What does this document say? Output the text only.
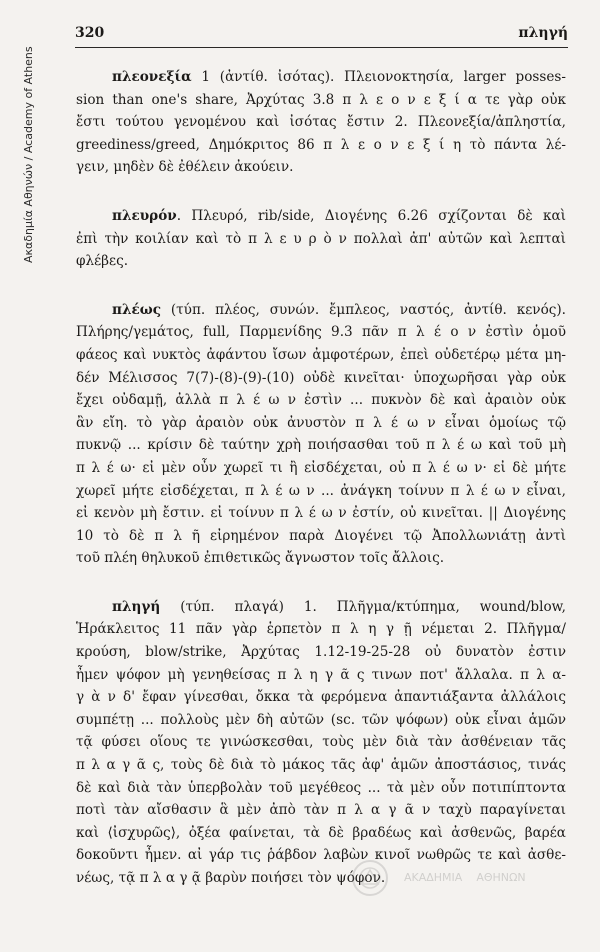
320	πληγή
Ακαδημία Αθηνών / Academy of Athens	πλεονεξία 1 (ἀντίθ. ἰσότας). Πλειονοκτησία, larger posses-
sion than one's share, Ἀρχύτας 3.8 π λ ε ο ν ε ξ ί α τε γὰρ οὐκ
ἔστι τούτου γενομένου καὶ ἰσότας ἔστιν 2. Πλεονεξία/ἀπληστία,
greediness/greed, Δημόκριτος 86 π λ ε ο ν ε ξ ί η τὸ πάντα λέ-
γειν, μηδὲν δὲ ἐθέλειν ἀκούειν.
πλευρόν. Πλευρό, rib/side, Διογένης 6.26 σχίζονται δὲ καὶ
ἐπὶ τὴν κοιλίαν καὶ τὸ π λ ε υ ρ ὸ ν πολλαὶ ἀπ' αὐτῶν καὶ λεπταὶ
φλέβες.
πλέως (τύπ. πλέος, συνών. ἔμπλεος, ναστός, ἀντίθ. κενός).
Πλήρης/γεμάτος, full, Παρμενίδης 9.3 πᾶν π λ έ ο ν ἐστὶν ὁμοῦ
φάεος καὶ νυκτὸς ἀφάντου ἴσων ἀμφοτέρων, ἐπεὶ οὐδετέρῳ μέτα μη-
δέν Μέλισσος 7(7)-(8)-(9)-(10) οὐδὲ κινεῖται· ὑποχωρῆσαι γὰρ οὐκ
ἔχει οὐδαμῇ, ἀλλὰ π λ έ ω ν ἐστὶν ... πυκνὸν δὲ καὶ ἀραιὸν οὐκ
ἂν εἴη. τὸ γὰρ ἀραιὸν οὐκ ἀνυστὸν π λ έ ω ν εἶναι ὁμοίως τῷ
πυκνῷ ... κρίσιν δὲ ταύτην χρὴ ποιήσασθαι τοῦ π λ έ ω καὶ τοῦ μὴ
π λ έ ω· εἰ μὲν οὖν χωρεῖ τι ἢ εἰσδέχεται, οὐ π λ έ ω ν· εἰ δὲ μήτε
χωρεῖ μήτε εἰσδέχεται, π λ έ ω ν ... ἀνάγκη τοίνυν π λ έ ω ν εἶναι,
εἰ κενὸν μὴ ἔστιν. εἰ τοίνυν π λ έ ω ν ἐστίν, οὐ κινεῖται. || Διογένης
10 τὸ δὲ π λ ῆ εἰρημένον παρὰ Διογένει τῷ Ἀπολλωνιάτῃ ἀντὶ
τοῦ πλέη θηλυκοῦ ἐπιθετικῶς ἄγνωστον τοῖς ἄλλοις.
πληγή (τύπ. πλαγά) 1. Πλῆγμα/κτύπημα, wound/blow,
Ἡράκλειτος 11 πᾶν γὰρ ἑρπετὸν π λ η γ ῇ νέμεται 2. Πλῆγμα/
κρούση, blow/strike, Ἀρχύτας 1.12-19-25-28 οὐ δυνατὸν ἐστιν
ἦμεν ψόφον μὴ γενηθείσας π λ η γ ᾶ ς τινων ποτ' ἄλλαλα. π λ α-
γ ὰ ν δ' ἔφαν γίνεσθαι, ὄκκα τὰ φερόμενα ἀπαντιάξαντα ἀλλάλοις
συμπέτῃ ... πολλοὺς μὲν δὴ αὐτῶν (sc. τῶν ψόφων) οὐκ εἶναι ἁμῶν
τᾷ φύσει οἵους τε γινώσκεσθαι, τοὺς μὲν διὰ τὰν ἀσθένειαν τᾶς
π λ α γ ᾶ ς, τοὺς δὲ διὰ τὸ μάκος τᾶς ἀφ' ἁμῶν ἀποστάσιος, τινάς
δὲ καὶ διὰ τὰν ὑπερβολὰν τοῦ μεγέθεος ... τὰ μὲν οὖν ποτιπίπτοντα
ποτὶ τὰν αἴσθασιν ἃ μὲν ἀπὸ τὰν π λ α γ ᾶ ν ταχὺ παραγίνεται
καὶ ⟨ἰσχυρῶς⟩, ὀξέα φαίνεται, τὰ δὲ βραδέως καὶ ἀσθενῶς, βαρέα
δοκοῦντι ἦμεν. αἰ γάρ τις ῥάβδον λαβὼν κινοῖ νωθρῶς τε καὶ ἀσθε-
νέως, τᾷ π λ α γ ᾷ βαρὺν ποιήσει τὸν ψόφον.	ΑΚΑΔΗΜΙΑ ΑΘΗΝΩΝ
